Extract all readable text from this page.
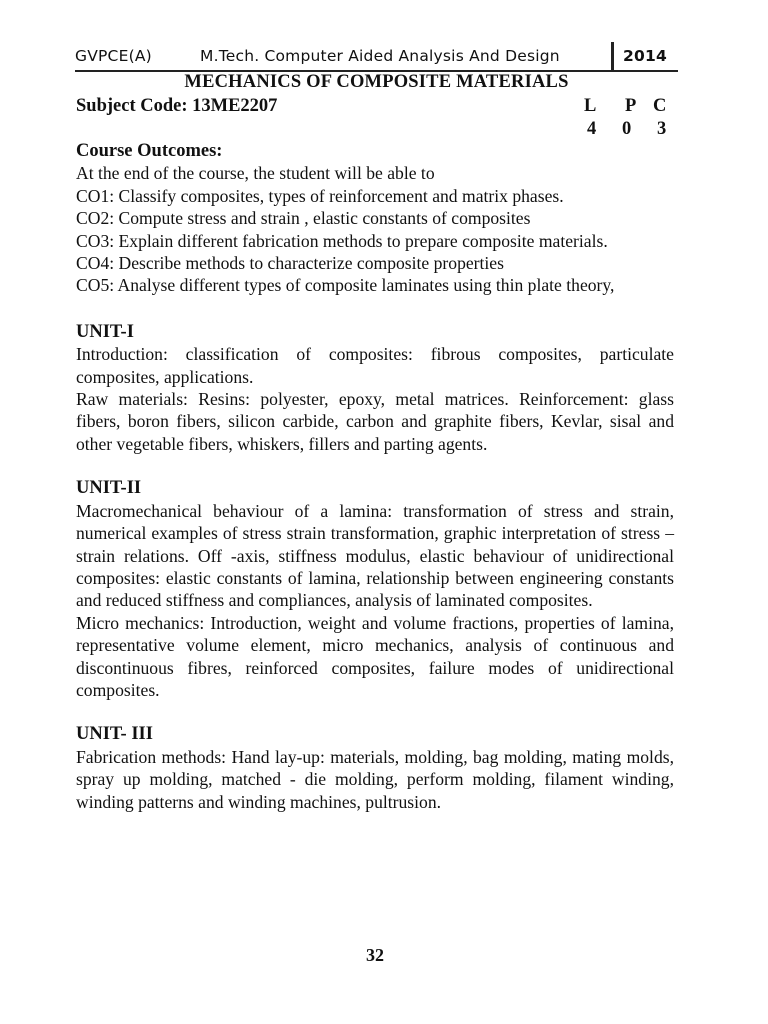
GVPCE(A)	M.Tech. Computer Aided Analysis And Design	2014
MECHANICS OF COMPOSITE MATERIALS
Subject Code: 13ME2207	L P C
4 0 3

Course Outcomes:

At the end of the course, the student will be able to

CO1: Classify composites, types of reinforcement and matrix phases.

CO2: Compute stress and strain , elastic constants of composites

CO3: Explain different fabrication methods to prepare composite materials.

CO4: Describe methods to characterize composite properties

CO5: Analyse different types of composite laminates using thin plate theory,

UNIT-I

Introduction: classification of composites: fibrous composites, particulate composites, applications.

Raw materials: Resins: polyester, epoxy, metal matrices. Reinforcement: glass fibers, boron fibers, silicon carbide, carbon and graphite fibers, Kevlar, sisal and other vegetable fibers, whiskers, fillers and parting agents.

UNIT-II

Macromechanical behaviour of a lamina: transformation of stress and strain, numerical examples of stress strain transformation, graphic interpretation of stress – strain relations. Off -axis, stiffness modulus, elastic behaviour of unidirectional composites: elastic constants of lamina, relationship between engineering constants and reduced stiffness and compliances, analysis of laminated composites.

Micro mechanics: Introduction, weight and volume fractions, properties of lamina, representative volume element, micro mechanics, analysis of continuous and discontinuous fibres, reinforced composites, failure modes of unidirectional composites.

UNIT- III

Fabrication methods: Hand lay-up: materials, molding, bag molding, mating molds, spray up molding, matched - die molding, perform molding, filament winding, winding patterns and winding machines, pultrusion.

32
